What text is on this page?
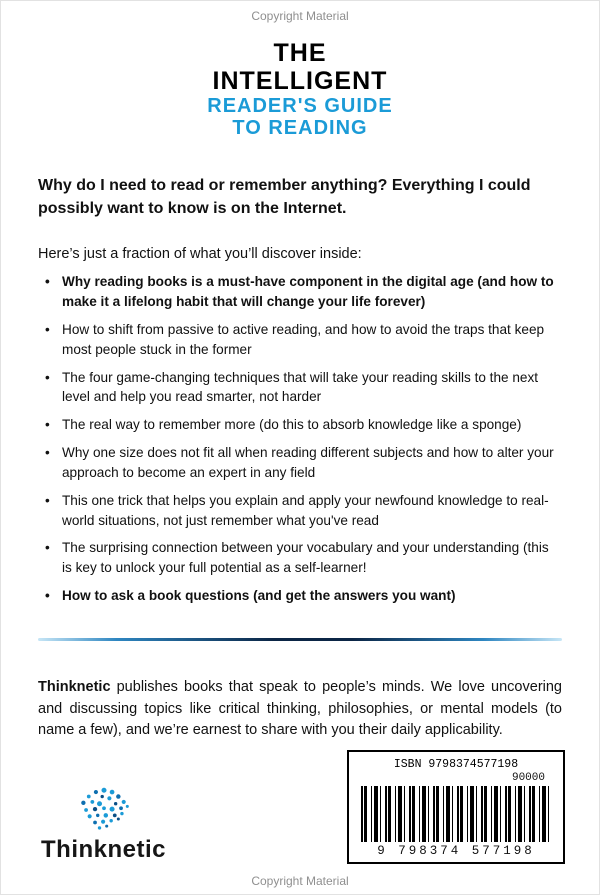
Copyright Material
THE
INTELLIGENT
READER'S GUIDE
TO READING

Why do I need to read or remember anything? Everything I could possibly want to know is on the Internet.

Here’s just a fraction of what you’ll discover inside:

• Why reading books is a must-have component in the digital age (and how to make it a lifelong habit that will change your life forever)
• How to shift from passive to active reading, and how to avoid the traps that keep most people stuck in the former
• The four game-changing techniques that will take your reading skills to the next level and help you read smarter, not harder
• The real way to remember more (do this to absorb knowledge like a sponge)
• Why one size does not fit all when reading different subjects and how to alter your approach to become an expert in any field
• This one trick that helps you explain and apply your newfound knowledge to real-world situations, not just remember what you've read
• The surprising connection between your vocabulary and your understanding (this is key to unlock your full potential as a self-learner!
• How to ask a book questions (and get the answers you want)

Thinknetic publishes books that speak to people’s minds. We love uncovering and discussing topics like critical thinking, philosophies, or mental models (to name a few), and we’re earnest to share with you their daily applicability.

Thinknetic
ISBN 9798374577198
90000
9 798374 577198
Copyright Material
